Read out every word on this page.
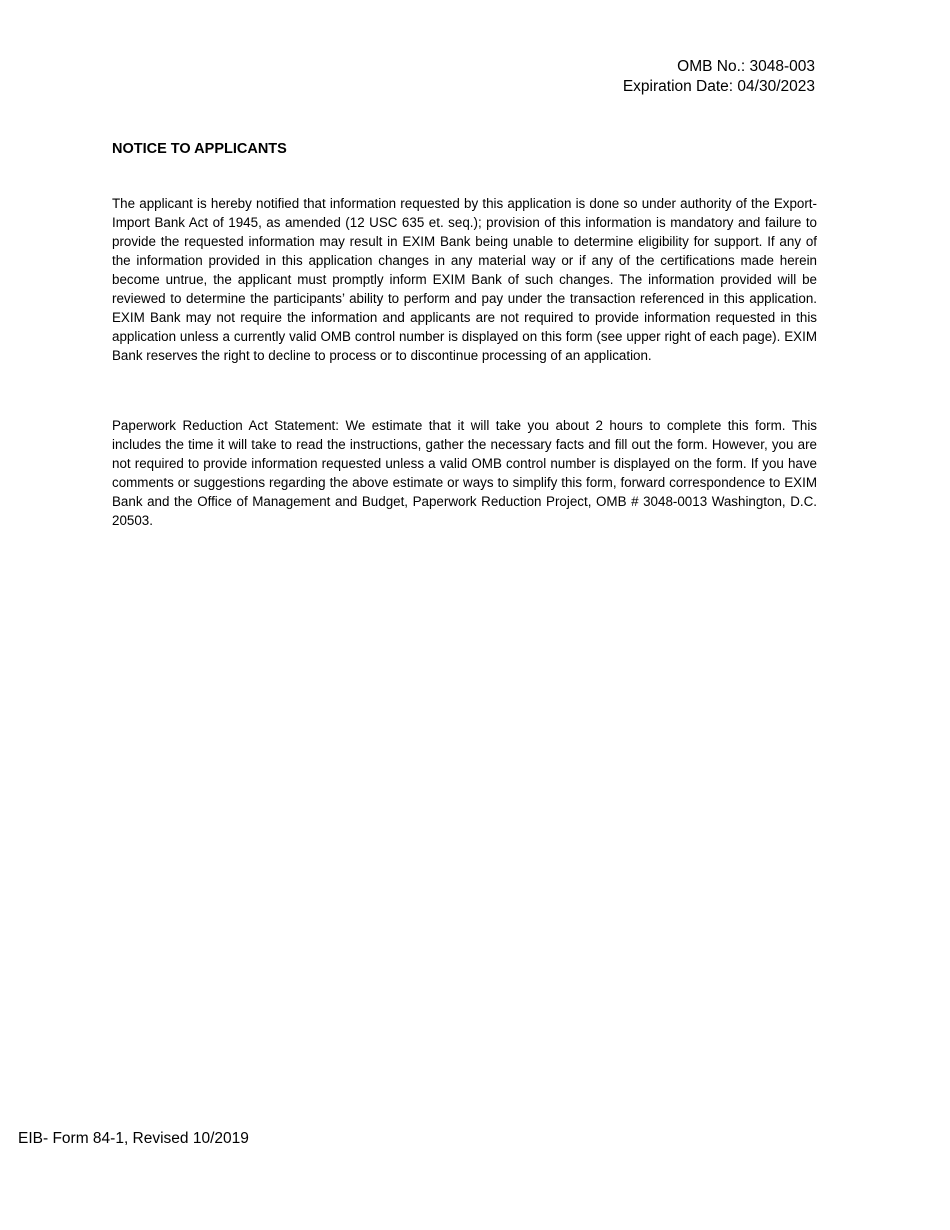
OMB No.: 3048-003
Expiration Date: 04/30/2023
NOTICE TO APPLICANTS

The applicant is hereby notified that information requested by this application is done so under authority of the Export-Import Bank Act of 1945, as amended (12 USC 635 et. seq.); provision of this information is mandatory and failure to provide the requested information may result in EXIM Bank being unable to determine eligibility for support. If any of the information provided in this application changes in any material way or if any of the certifications made herein become untrue, the applicant must promptly inform EXIM Bank of such changes. The information provided will be reviewed to determine the participants’ ability to perform and pay under the transaction referenced in this application. EXIM Bank may not require the information and applicants are not required to provide information requested in this application unless a currently valid OMB control number is displayed on this form (see upper right of each page). EXIM Bank reserves the right to decline to process or to discontinue processing of an application.

Paperwork Reduction Act Statement: We estimate that it will take you about 2 hours to complete this form. This includes the time it will take to read the instructions, gather the necessary facts and fill out the form. However, you are not required to provide information requested unless a valid OMB control number is displayed on the form. If you have comments or suggestions regarding the above estimate or ways to simplify this form, forward correspondence to EXIM Bank and the Office of Management and Budget, Paperwork Reduction Project, OMB # 3048-0013 Washington, D.C. 20503.

EIB- Form 84-1, Revised 10/2019
